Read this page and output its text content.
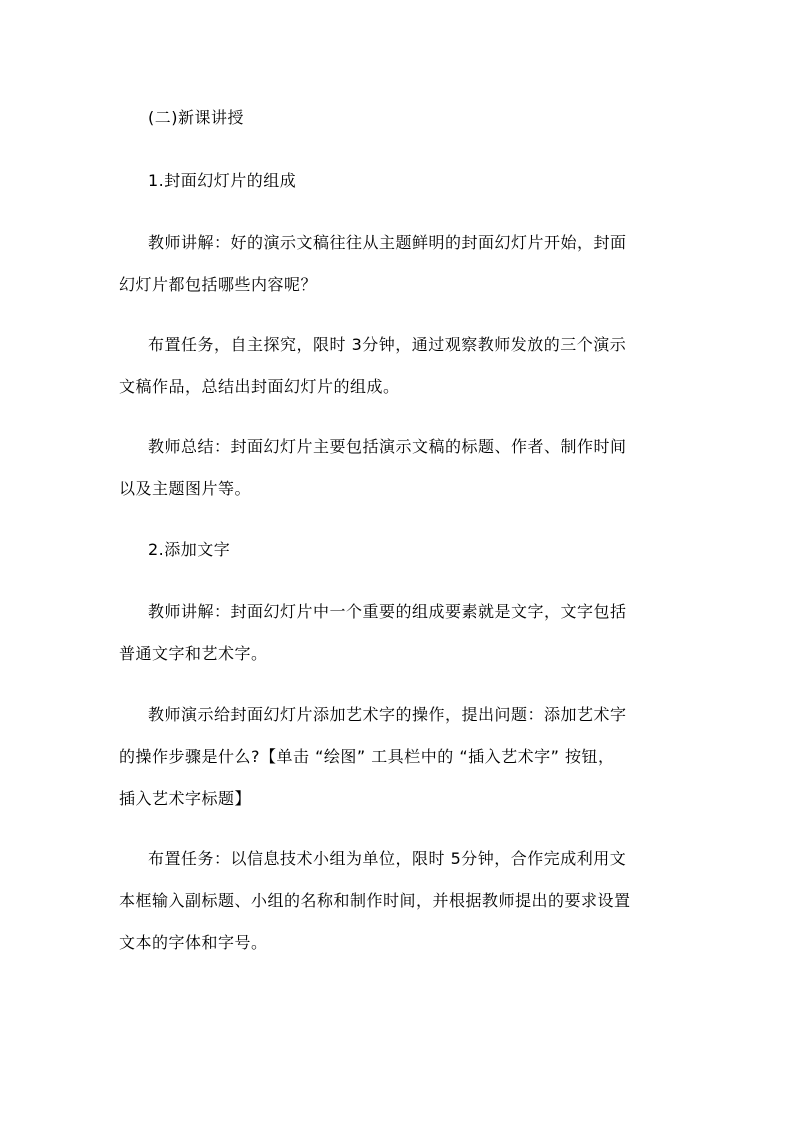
(二)新课讲授
1.封面幻灯片的组成
教师讲解：好的演示文稿往往从主题鲜明的封面幻灯片开始，封面
幻灯片都包括哪些内容呢？
布置任务，自主探究，限时 3分钟，通过观察教师发放的三个演示
文稿作品，总结出封面幻灯片的组成。
教师总结：封面幻灯片主要包括演示文稿的标题、作者、制作时间
以及主题图片等。
2.添加文字
教师讲解：封面幻灯片中一个重要的组成要素就是文字，文字包括
普通文字和艺术字。
教师演示给封面幻灯片添加艺术字的操作，提出问题：添加艺术字
的操作步骤是什么?【单击 “绘图” 工具栏中的 “插入艺术字” 按钮，
插入艺术字标题】
布置任务：以信息技术小组为单位，限时 5分钟，合作完成利用文
本框输入副标题、小组的名称和制作时间，并根据教师提出的要求设置
文本的字体和字号。
